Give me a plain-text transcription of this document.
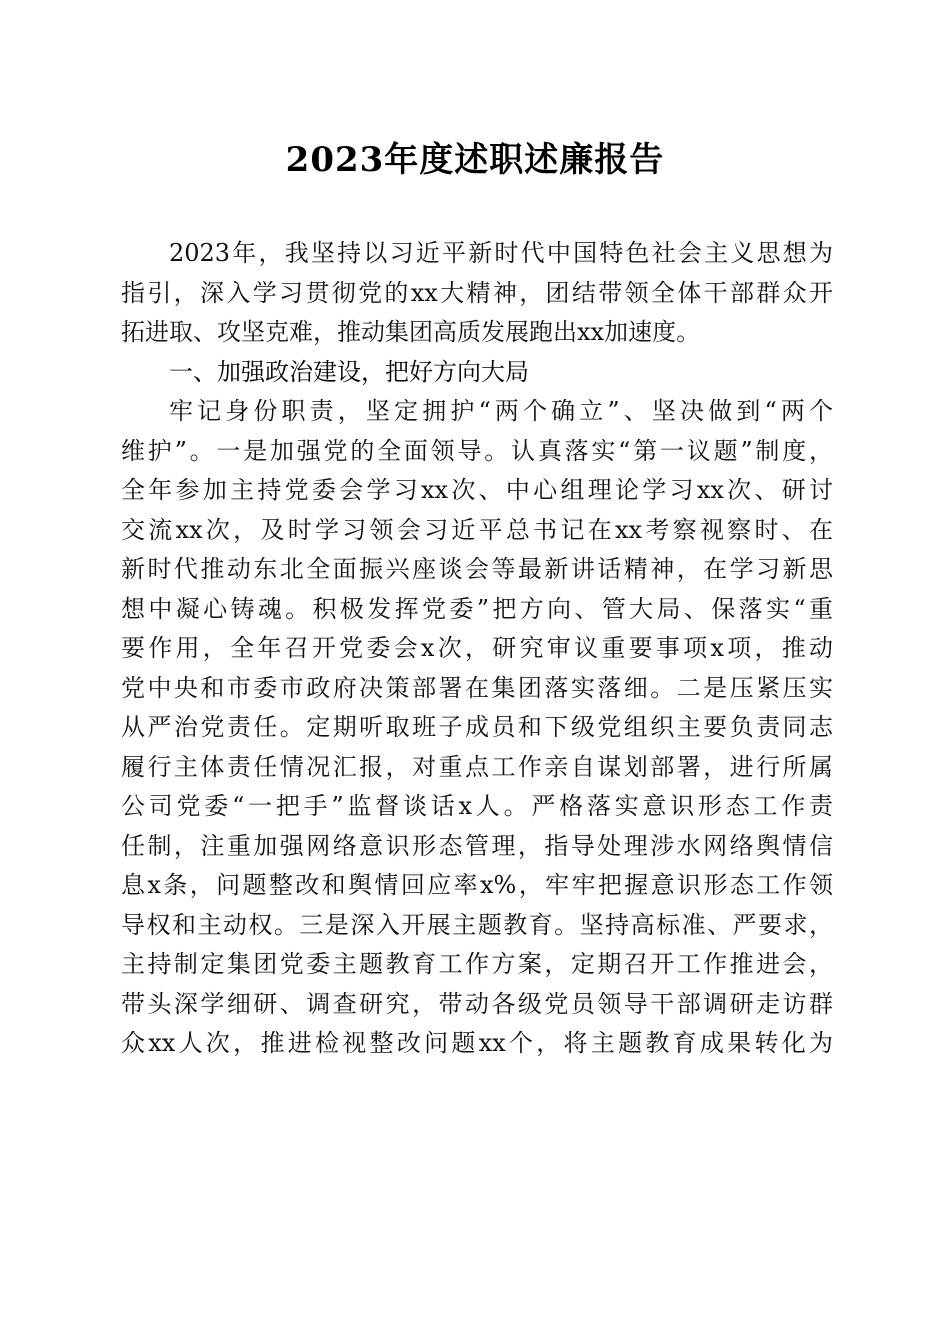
2023年度述职述廉报告
2023年，我坚持以习近平新时代中国特色社会主义思想为
指引，深入学习贯彻党的xx大精神，团结带领全体干部群众开
拓进取、攻坚克难，推动集团高质发展跑出xx加速度。
一、加强政治建设，把好方向大局
牢记身份职责，坚定拥护“两个确立”、坚决做到“两个
维护”。一是加强党的全面领导。认真落实“第一议题”制度，
全年参加主持党委会学习xx次、中心组理论学习xx次、研讨
交流xx次，及时学习领会习近平总书记在xx考察视察时、在
新时代推动东北全面振兴座谈会等最新讲话精神，在学习新思
想中凝心铸魂。积极发挥党委”把方向、管大局、保落实“重
要作用，全年召开党委会x次，研究审议重要事项x项，推动
党中央和市委市政府决策部署在集团落实落细。二是压紧压实
从严治党责任。定期听取班子成员和下级党组织主要负责同志
履行主体责任情况汇报，对重点工作亲自谋划部署，进行所属
公司党委“一把手”监督谈话x人。严格落实意识形态工作责
任制，注重加强网络意识形态管理，指导处理涉水网络舆情信
息x条，问题整改和舆情回应率x%，牢牢把握意识形态工作领
导权和主动权。三是深入开展主题教育。坚持高标准、严要求，
主持制定集团党委主题教育工作方案，定期召开工作推进会，
带头深学细研、调查研究，带动各级党员领导干部调研走访群
众xx人次，推进检视整改问题xx个，将主题教育成果转化为
